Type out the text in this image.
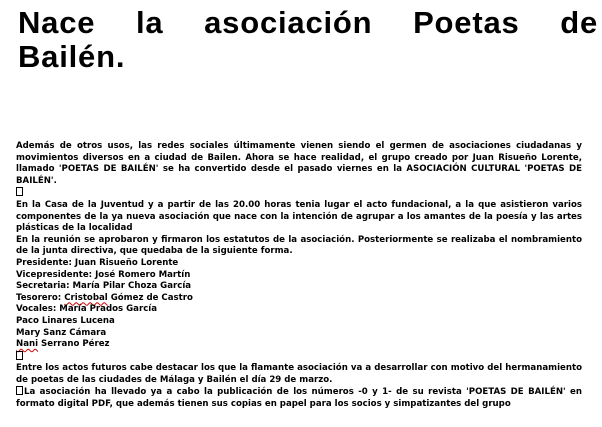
Nace la asociación Poetas de Bailén.

Además de otros usos, las redes sociales últimamente vienen siendo el germen de asociaciones ciudadanas y movimientos diversos en a ciudad de Bailen. Ahora se hace realidad, el grupo creado por Juan Risueño Lorente, llamado 'POETAS DE BAILÉN' se ha convertido desde el pasado viernes en la ASOCIACIÓN CULTURAL 'POETAS DE BAILÉN'.

En la Casa de la Juventud y a partir de las 20.00 horas tenia lugar el acto fundacional, a la que asistieron varios componentes de la ya nueva asociación que nace con la intención de agrupar a los amantes de la poesía y las artes plásticas de la localidad

En la reunión se aprobaron y firmaron los estatutos de la asociación. Posteriormente se realizaba el nombramiento de la junta directiva, que quedaba de la siguiente forma.

Presidente: Juan Risueño Lorente
Vicepresidente: José Romero Martín
Secretaria: María Pilar Choza García
Tesorero: Cristobal Gómez de Castro
Vocales: María Prados García
Paco Linares Lucena
Mary Sanz Cámara
Nani Serrano Pérez

Entre los actos futuros cabe destacar los que la flamante asociación va a desarrollar con motivo del hermanamiento de poetas de las ciudades de Málaga y Bailén el día 29 de marzo.

La asociación ha llevado ya a cabo la publicación de los números -0 y 1- de su revista 'POETAS DE BAILÉN' en formato digital PDF, que además tienen sus copias en papel para los socios y simpatizantes del grupo
